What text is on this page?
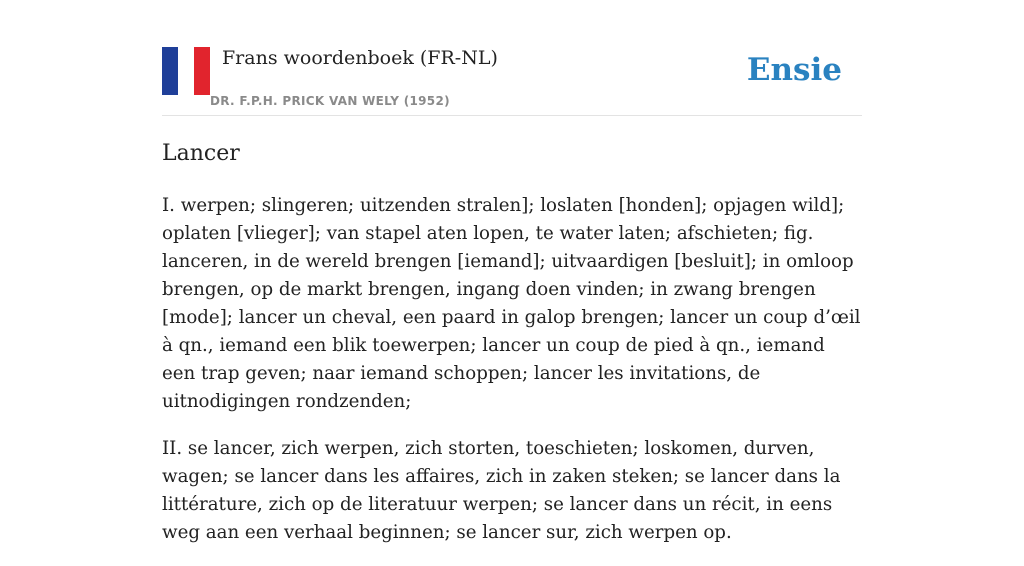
Frans woordenboek (FR-NL)
DR. F.P.H. PRICK VAN WELY (1952)
Ensie
Lancer

I. werpen; slingeren; uitzenden stralen]; loslaten [honden]; opjagen wild]; oplaten [vlieger]; van stapel aten lopen, te water laten; afschieten; fig. lanceren, in de wereld brengen [iemand]; uitvaardigen [besluit]; in omloop brengen, op de markt brengen, ingang doen vinden; in zwang brengen [mode]; lancer un cheval, een paard in galop brengen; lancer un coup d’œil à qn., iemand een blik toewerpen; lancer un coup de pied à qn., iemand een trap geven; naar iemand schoppen; lancer les invitations, de uitnodigingen rondzenden;

II. se lancer, zich werpen, zich storten, toeschieten; loskomen, durven, wagen; se lancer dans les affaires, zich in zaken steken; se lancer dans la littérature, zich op de literatuur werpen; se lancer dans un récit, in eens weg aan een verhaal beginnen; se lancer sur, zich werpen op.
